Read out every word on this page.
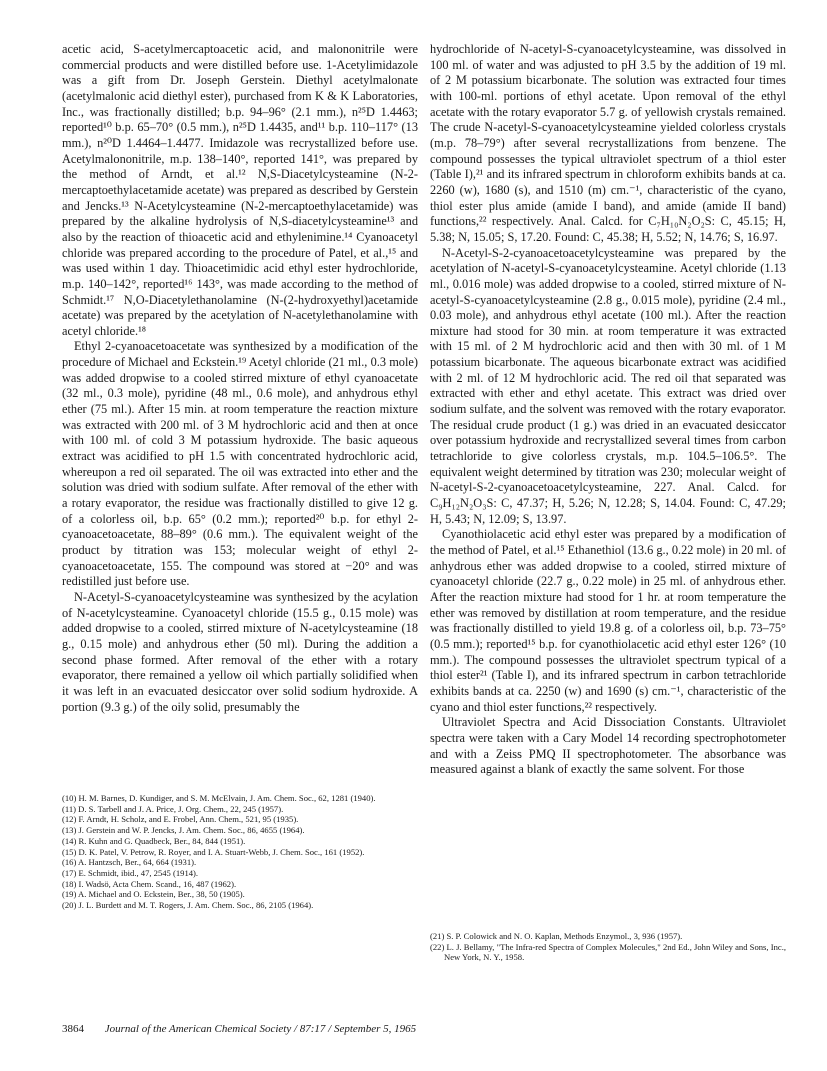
acetic acid, S-acetylmercaptoacetic acid, and malononitrile were commercial products and were distilled before use. 1-Acetylimidazole was a gift from Dr. Joseph Gerstein. Diethyl acetylmalonate (acetylmalonic acid diethyl ester), purchased from K & K Laboratories, Inc., was fractionally distilled; b.p. 94–96° (2.1 mm.), n²⁵D 1.4463; reported¹⁰ b.p. 65–70° (0.5 mm.), n²⁵D 1.4435, and¹¹ b.p. 110–117° (13 mm.), n²⁰D 1.4464–1.4477. Imidazole was recrystallized before use. Acetylmalononitrile, m.p. 138–140°, reported 141°, was prepared by the method of Arndt, et al.¹² N,S-Diacetylcysteamine (N-2-mercaptoethylacetamide acetate) was prepared as described by Gerstein and Jencks.¹³ N-Acetylcysteamine (N-2-mercaptoethylacetamide) was prepared by the alkaline hydrolysis of N,S-diacetylcysteamine¹³ and also by the reaction of thioacetic acid and ethylenimine.¹⁴ Cyanoacetyl chloride was prepared according to the procedure of Patel, et al.,¹⁵ and was used within 1 day. Thioacetimidic acid ethyl ester hydrochloride, m.p. 140–142°, reported¹⁶ 143°, was made according to the method of Schmidt.¹⁷ N,O-Diacetylethanolamine (N-(2-hydroxyethyl)acetamide acetate) was prepared by the acetylation of N-acetylethanolamine with acetyl chloride.¹⁸

Ethyl 2-cyanoacetoacetate was synthesized by a modification of the procedure of Michael and Eckstein.¹⁹ Acetyl chloride (21 ml., 0.3 mole) was added dropwise to a cooled stirred mixture of ethyl cyanoacetate (32 ml., 0.3 mole), pyridine (48 ml., 0.6 mole), and anhydrous ethyl ether (75 ml.). After 15 min. at room temperature the reaction mixture was extracted with 200 ml. of 3 M hydrochloric acid and then at once with 100 ml. of cold 3 M potassium hydroxide. The basic aqueous extract was acidified to pH 1.5 with concentrated hydrochloric acid, whereupon a red oil separated. The oil was extracted into ether and the solution was dried with sodium sulfate. After removal of the ether with a rotary evaporator, the residue was fractionally distilled to give 12 g. of a colorless oil, b.p. 65° (0.2 mm.); reported²⁰ b.p. for ethyl 2-cyanoacetoacetate, 88–89° (0.6 mm.). The equivalent weight of the product by titration was 153; molecular weight of ethyl 2-cyanoacetoacetate, 155. The compound was stored at −20° and was redistilled just before use.

N-Acetyl-S-cyanoacetylcysteamine was synthesized by the acylation of N-acetylcysteamine. Cyanoacetyl chloride (15.5 g., 0.15 mole) was added dropwise to a cooled, stirred mixture of N-acetylcysteamine (18 g., 0.15 mole) and anhydrous ether (50 ml). During the addition a second phase formed. After removal of the ether with a rotary evaporator, there remained a yellow oil which partially solidified when it was left in an evacuated desiccator over solid sodium hydroxide. A portion (9.3 g.) of the oily solid, presumably the

hydrochloride of N-acetyl-S-cyanoacetylcysteamine, was dissolved in 100 ml. of water and was adjusted to pH 3.5 by the addition of 19 ml. of 2 M potassium bicarbonate. The solution was extracted four times with 100-ml. portions of ethyl acetate. Upon removal of the ethyl acetate with the rotary evaporator 5.7 g. of yellowish crystals remained. The crude N-acetyl-S-cyanoacetylcysteamine yielded colorless crystals (m.p. 78–79°) after several recrystallizations from benzene. The compound possesses the typical ultraviolet spectrum of a thiol ester (Table I),²¹ and its infrared spectrum in chloroform exhibits bands at ca. 2260 (w), 1680 (s), and 1510 (m) cm.⁻¹, characteristic of the cyano, thiol ester plus amide (amide I band), and amide (amide II band) functions,²² respectively. Anal. Calcd. for C₇H₁₀N₂O₂S: C, 45.15; H, 5.38; N, 15.05; S, 17.20. Found: C, 45.38; H, 5.52; N, 14.76; S, 16.97.

N-Acetyl-S-2-cyanoacetoacetylcysteamine was prepared by the acetylation of N-acetyl-S-cyanoacetylcysteamine. Acetyl chloride (1.13 ml., 0.016 mole) was added dropwise to a cooled, stirred mixture of N-acetyl-S-cyanoacetylcysteamine (2.8 g., 0.015 mole), pyridine (2.4 ml., 0.03 mole), and anhydrous ethyl acetate (100 ml.). After the reaction mixture had stood for 30 min. at room temperature it was extracted with 15 ml. of 2 M hydrochloric acid and then with 30 ml. of 1 M potassium bicarbonate. The aqueous bicarbonate extract was acidified with 2 ml. of 12 M hydrochloric acid. The red oil that separated was extracted with ether and ethyl acetate. This extract was dried over sodium sulfate, and the solvent was removed with the rotary evaporator. The residual crude product (1 g.) was dried in an evacuated desiccator over potassium hydroxide and recrystallized several times from carbon tetrachloride to give colorless crystals, m.p. 104.5–106.5°. The equivalent weight determined by titration was 230; molecular weight of N-acetyl-S-2-cyanoacetoacetylcysteamine, 227. Anal. Calcd. for C₉H₁₂N₂O₃S: C, 47.37; H, 5.26; N, 12.28; S, 14.04. Found: C, 47.29; H, 5.43; N, 12.09; S, 13.97.

Cyanothiolacetic acid ethyl ester was prepared by a modification of the method of Patel, et al.¹⁵ Ethanethiol (13.6 g., 0.22 mole) in 20 ml. of anhydrous ether was added dropwise to a cooled, stirred mixture of cyanoacetyl chloride (22.7 g., 0.22 mole) in 25 ml. of anhydrous ether. After the reaction mixture had stood for 1 hr. at room temperature the ether was removed by distillation at room temperature, and the residue was fractionally distilled to yield 19.8 g. of a colorless oil, b.p. 73–75° (0.5 mm.); reported¹⁵ b.p. for cyanothiolacetic acid ethyl ester 126° (10 mm.). The compound possesses the ultraviolet spectrum typical of a thiol ester²¹ (Table I), and its infrared spectrum in carbon tetrachloride exhibits bands at ca. 2250 (w) and 1690 (s) cm.⁻¹, characteristic of the cyano and thiol ester functions,²² respectively.

Ultraviolet Spectra and Acid Dissociation Constants. Ultraviolet spectra were taken with a Cary Model 14 recording spectrophotometer and with a Zeiss PMQ II spectrophotometer. The absorbance was measured against a blank of exactly the same solvent. For those

(10) H. M. Barnes, D. Kundiger, and S. M. McElvain, J. Am. Chem. Soc., 62, 1281 (1940).

(11) D. S. Tarbell and J. A. Price, J. Org. Chem., 22, 245 (1957).

(12) F. Arndt, H. Scholz, and E. Frobel, Ann. Chem., 521, 95 (1935).

(13) J. Gerstein and W. P. Jencks, J. Am. Chem. Soc., 86, 4655 (1964).

(14) R. Kuhn and G. Quadbeck, Ber., 84, 844 (1951).

(15) D. K. Patel, V. Petrow, R. Royer, and I. A. Stuart-Webb, J. Chem. Soc., 161 (1952).

(16) A. Hantzsch, Ber., 64, 664 (1931).

(17) E. Schmidt, ibid., 47, 2545 (1914).

(18) I. Wadsö, Acta Chem. Scand., 16, 487 (1962).

(19) A. Michael and O. Eckstein, Ber., 38, 50 (1905).

(20) J. L. Burdett and M. T. Rogers, J. Am. Chem. Soc., 86, 2105 (1964).

(21) S. P. Colowick and N. O. Kaplan, Methods Enzymol., 3, 936 (1957).

(22) L. J. Bellamy, "The Infra-red Spectra of Complex Molecules," 2nd Ed., John Wiley and Sons, Inc., New York, N. Y., 1958.

3864 Journal of the American Chemical Society / 87:17 / September 5, 1965
